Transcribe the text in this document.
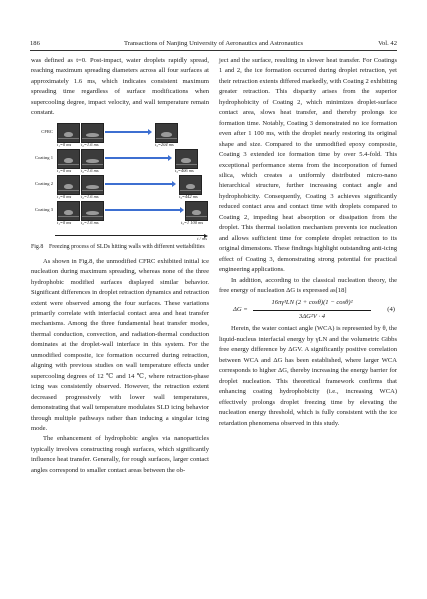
186	Transactions of Nanjing University of Aeronautics and Astronautics	Vol. 42

was defined as t=0. Post-impact, water droplets rapidly spread, reaching maximum spreading diameters across all four surfaces at approximately 1.6 ms, which indicates consistent maximum spreading time regardless of surface modifications when supercooling degree, impact velocity, and wall temperature remain constant.

CFRC
t₁=0 ms t₂=1.6 ms	t₃=204 ms
Coating 1
t₁=0 ms t₂=1.6 ms	t₃=406 ms
Coating 2
t₁=0 ms t₂=1.6 ms	t₃=442 ms
Coating 3
t₁=0 ms t₂=1.6 ms	t₃=1 100 ms
t / ms
Fig.8 Freezing process of SLDs hitting walls with different wettabilities

As shown in Fig.8, the unmodified CFRC exhibited initial ice nucleation during maximum spreading, whereas none of the three hydrophobic modified surfaces displayed similar behavior. Significant differences in droplet retraction dynamics and retraction extent were observed among the four surfaces. These variations primarily correlate with interfacial contact area and heat transfer mechanisms. Among the three fundamental heat transfer modes, thermal conduction, convection, and radiation-thermal conduction dominates at the droplet-wall interface in this system. For the unmodified composite, ice formation occurred during retraction, aligning with previous studies on wall temperature effects under supercooling degrees of 12 ℃ and 14 ℃, where retraction-phase icing was consistently observed. However, the retraction extent decreased progressively with lower wall temperatures, demonstrating that wall temperature modulates SLD icing behavior through multiple pathways rather than inducing a singular icing mode.

The enhancement of hydrophobic angles via nanoparticles typically involves constructing rough surfaces, which significantly influence heat transfer. Generally, for rough surfaces, larger contact angles correspond to smaller contact areas between the ob-

ject and the surface, resulting in slower heat transfer. For Coatings 1 and 2, the ice formation occurred during droplet retraction, yet their retraction extents differed markedly, with Coating 2 exhibiting greater retraction. This disparity arises from the superior hydrophobicity of Coating 2, which minimizes droplet-surface contact area, slows heat transfer, and thereby prolongs ice formation time. Notably, Coating 3 demonstrated no ice formation even after 1 100 ms, with the droplet nearly restoring its original shape and size. Compared to the unmodified epoxy composite, Coating 3 extended ice formation time by over 5.4-fold. This exceptional performance stems from the incorporation of fumed silica, which creates a uniformly distributed micro-nano hierarchical structure, further increasing contact angle and hydrophobicity. Consequently, Coating 3 achieves significantly reduced contact area and contact time with droplets compared to Coating 2, impeding heat absorption or dissipation from the droplet. This thermal isolation mechanism prevents ice nucleation and allows sufficient time for complete droplet retraction to its original dimensions. These findings highlight outstanding anti-icing effect of Coating 3, demonstrating strong potential for practical engineering applications.

In addition, according to the classical nucleation theory, the free energy of nucleation ΔG is expressed as[18]

$\Delta G = \frac{\text{16πγ³LN (2 + cosθ)(1 − cosθ)²}}{\text{3ΔG²V · 4}} (4)$

Herein, the water contact angle (WCA) is represented by θ, the liquid-nucleus interfacial energy by γLN and the volumetric Gibbs free energy difference by ΔGV. A significantly positive correlation between WCA and ΔG has been established, where larger WCA corresponds to higher ΔG, thereby increasing the energy barrier for droplet nucleation. This theoretical framework confirms that enhancing coating hydrophobicity (i.e., increasing WCA) effectively prolongs droplet freezing time by elevating the nucleation energy threshold, which is fully consistent with the ice retardation phenomena observed in this study.
